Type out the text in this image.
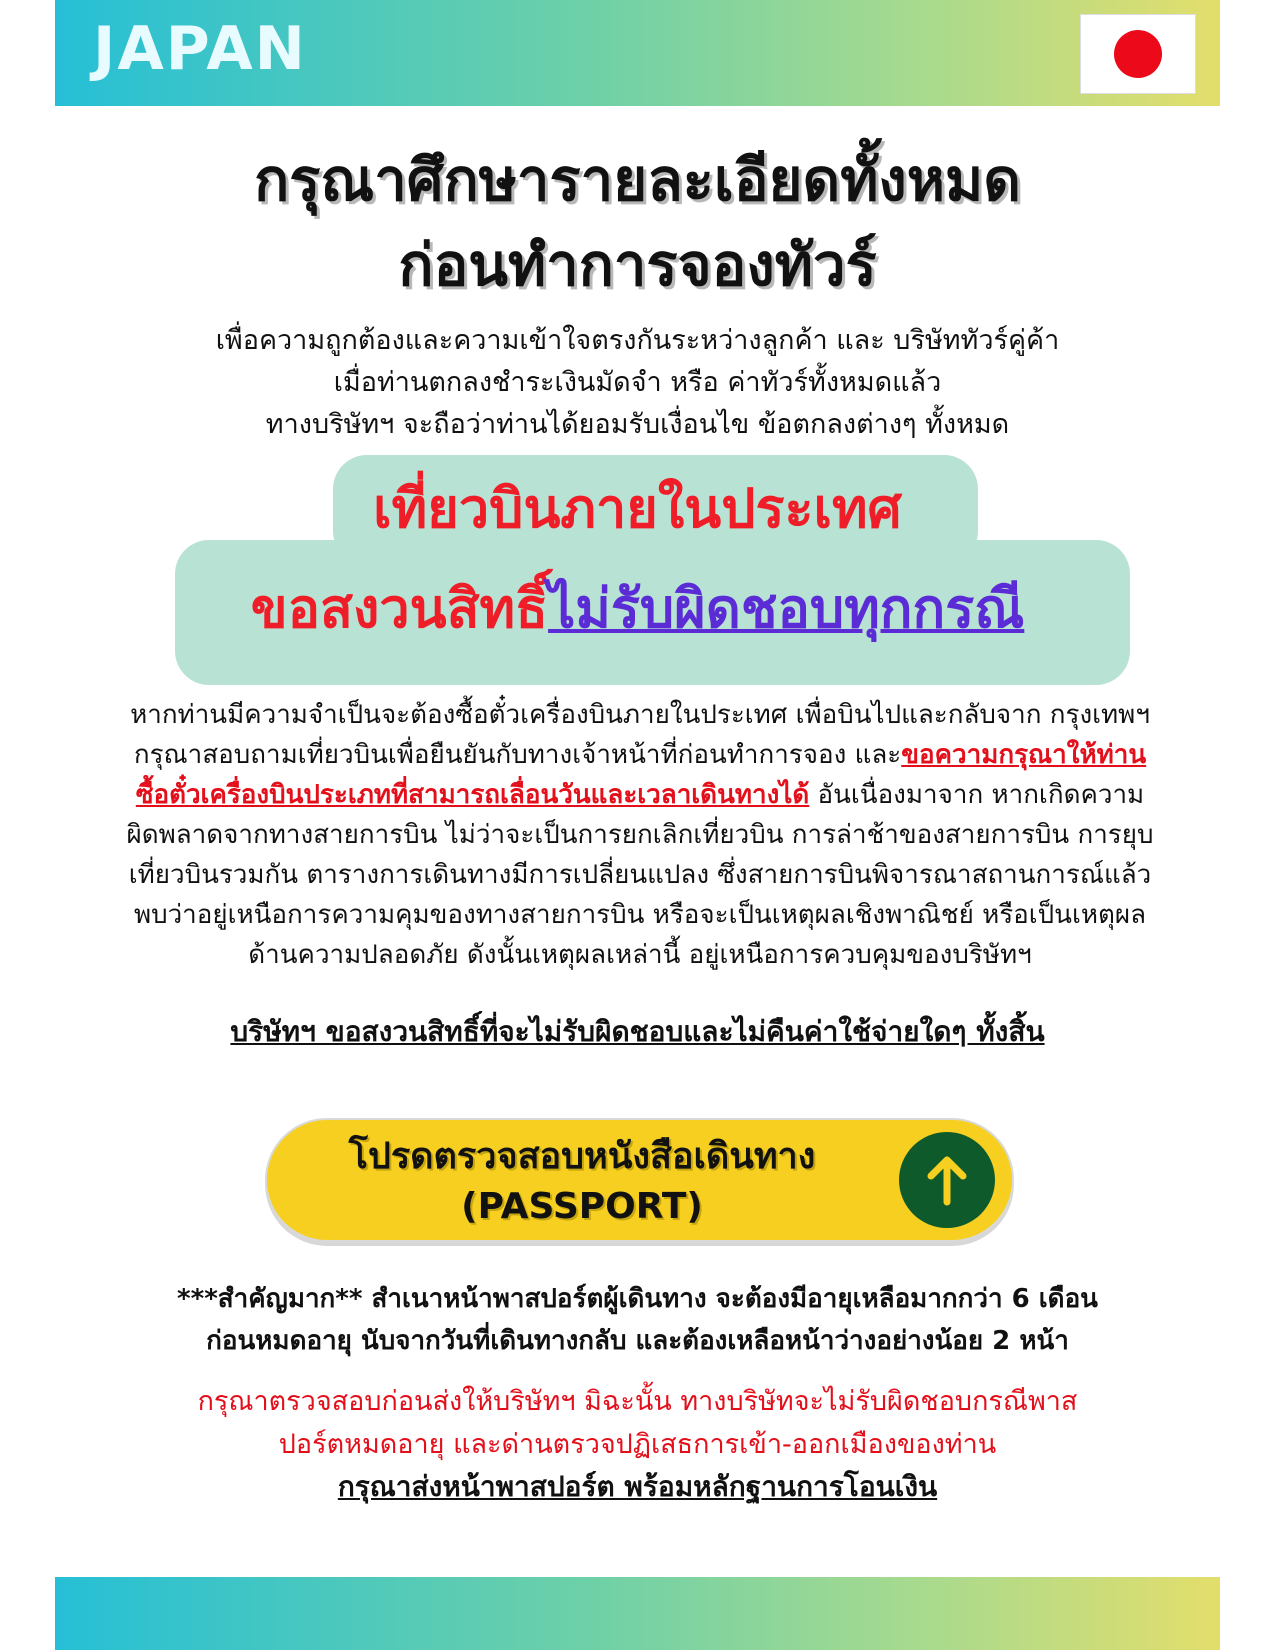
JAPAN
กรุณาศึกษารายละเอียดทั้งหมด
ก่อนทำการจองทัวร์
เพื่อความถูกต้องและความเข้าใจตรงกันระหว่างลูกค้า และ บริษัททัวร์คู่ค้า
เมื่อท่านตกลงชำระเงินมัดจำ หรือ ค่าทัวร์ทั้งหมดแล้ว
ทางบริษัทฯ จะถือว่าท่านได้ยอมรับเงื่อนไข ข้อตกลงต่างๆ ทั้งหมด
เที่ยวบินภายในประเทศ
ขอสงวนสิทธิ์ไม่รับผิดชอบทุกกรณี
หากท่านมีความจำเป็นจะต้องซื้อตั๋วเครื่องบินภายในประเทศ เพื่อบินไปและกลับจาก กรุงเทพฯ กรุณาสอบถามเที่ยวบินเพื่อยืนยันกับทางเจ้าหน้าที่ก่อนทำการจอง และขอความกรุณาให้ท่านซื้อตั๋วเครื่องบินประเภทที่สามารถเลื่อนวันและเวลาเดินทางได้ อันเนื่องมาจาก หากเกิดความผิดพลาดจากทางสายการบิน ไม่ว่าจะเป็นการยกเลิกเที่ยวบิน การล่าช้าของสายการบิน การยุบเที่ยวบินรวมกัน ตารางการเดินทางมีการเปลี่ยนแปลง ซึ่งสายการบินพิจารณาสถานการณ์แล้วพบว่าอยู่เหนือการความคุมของทางสายการบิน หรือจะเป็นเหตุผลเชิงพาณิชย์ หรือเป็นเหตุผลด้านความปลอดภัย ดังนั้นเหตุผลเหล่านี้ อยู่เหนือการควบคุมของบริษัทฯ
บริษัทฯ ขอสงวนสิทธิ์ที่จะไม่รับผิดชอบและไม่คืนค่าใช้จ่ายใดๆ ทั้งสิ้น
โปรดตรวจสอบหนังสือเดินทาง
(PASSPORT)
***สำคัญมาก** สำเนาหน้าพาสปอร์ตผู้เดินทาง จะต้องมีอายุเหลือมากกว่า 6 เดือน
ก่อนหมดอายุ นับจากวันที่เดินทางกลับ และต้องเหลือหน้าว่างอย่างน้อย 2 หน้า
กรุณาตรวจสอบก่อนส่งให้บริษัทฯ มิฉะนั้น ทางบริษัทจะไม่รับผิดชอบกรณีพาส
ปอร์ตหมดอายุ และด่านตรวจปฏิเสธการเข้า-ออกเมืองของท่าน
กรุณาส่งหน้าพาสปอร์ต พร้อมหลักฐานการโอนเงิน
